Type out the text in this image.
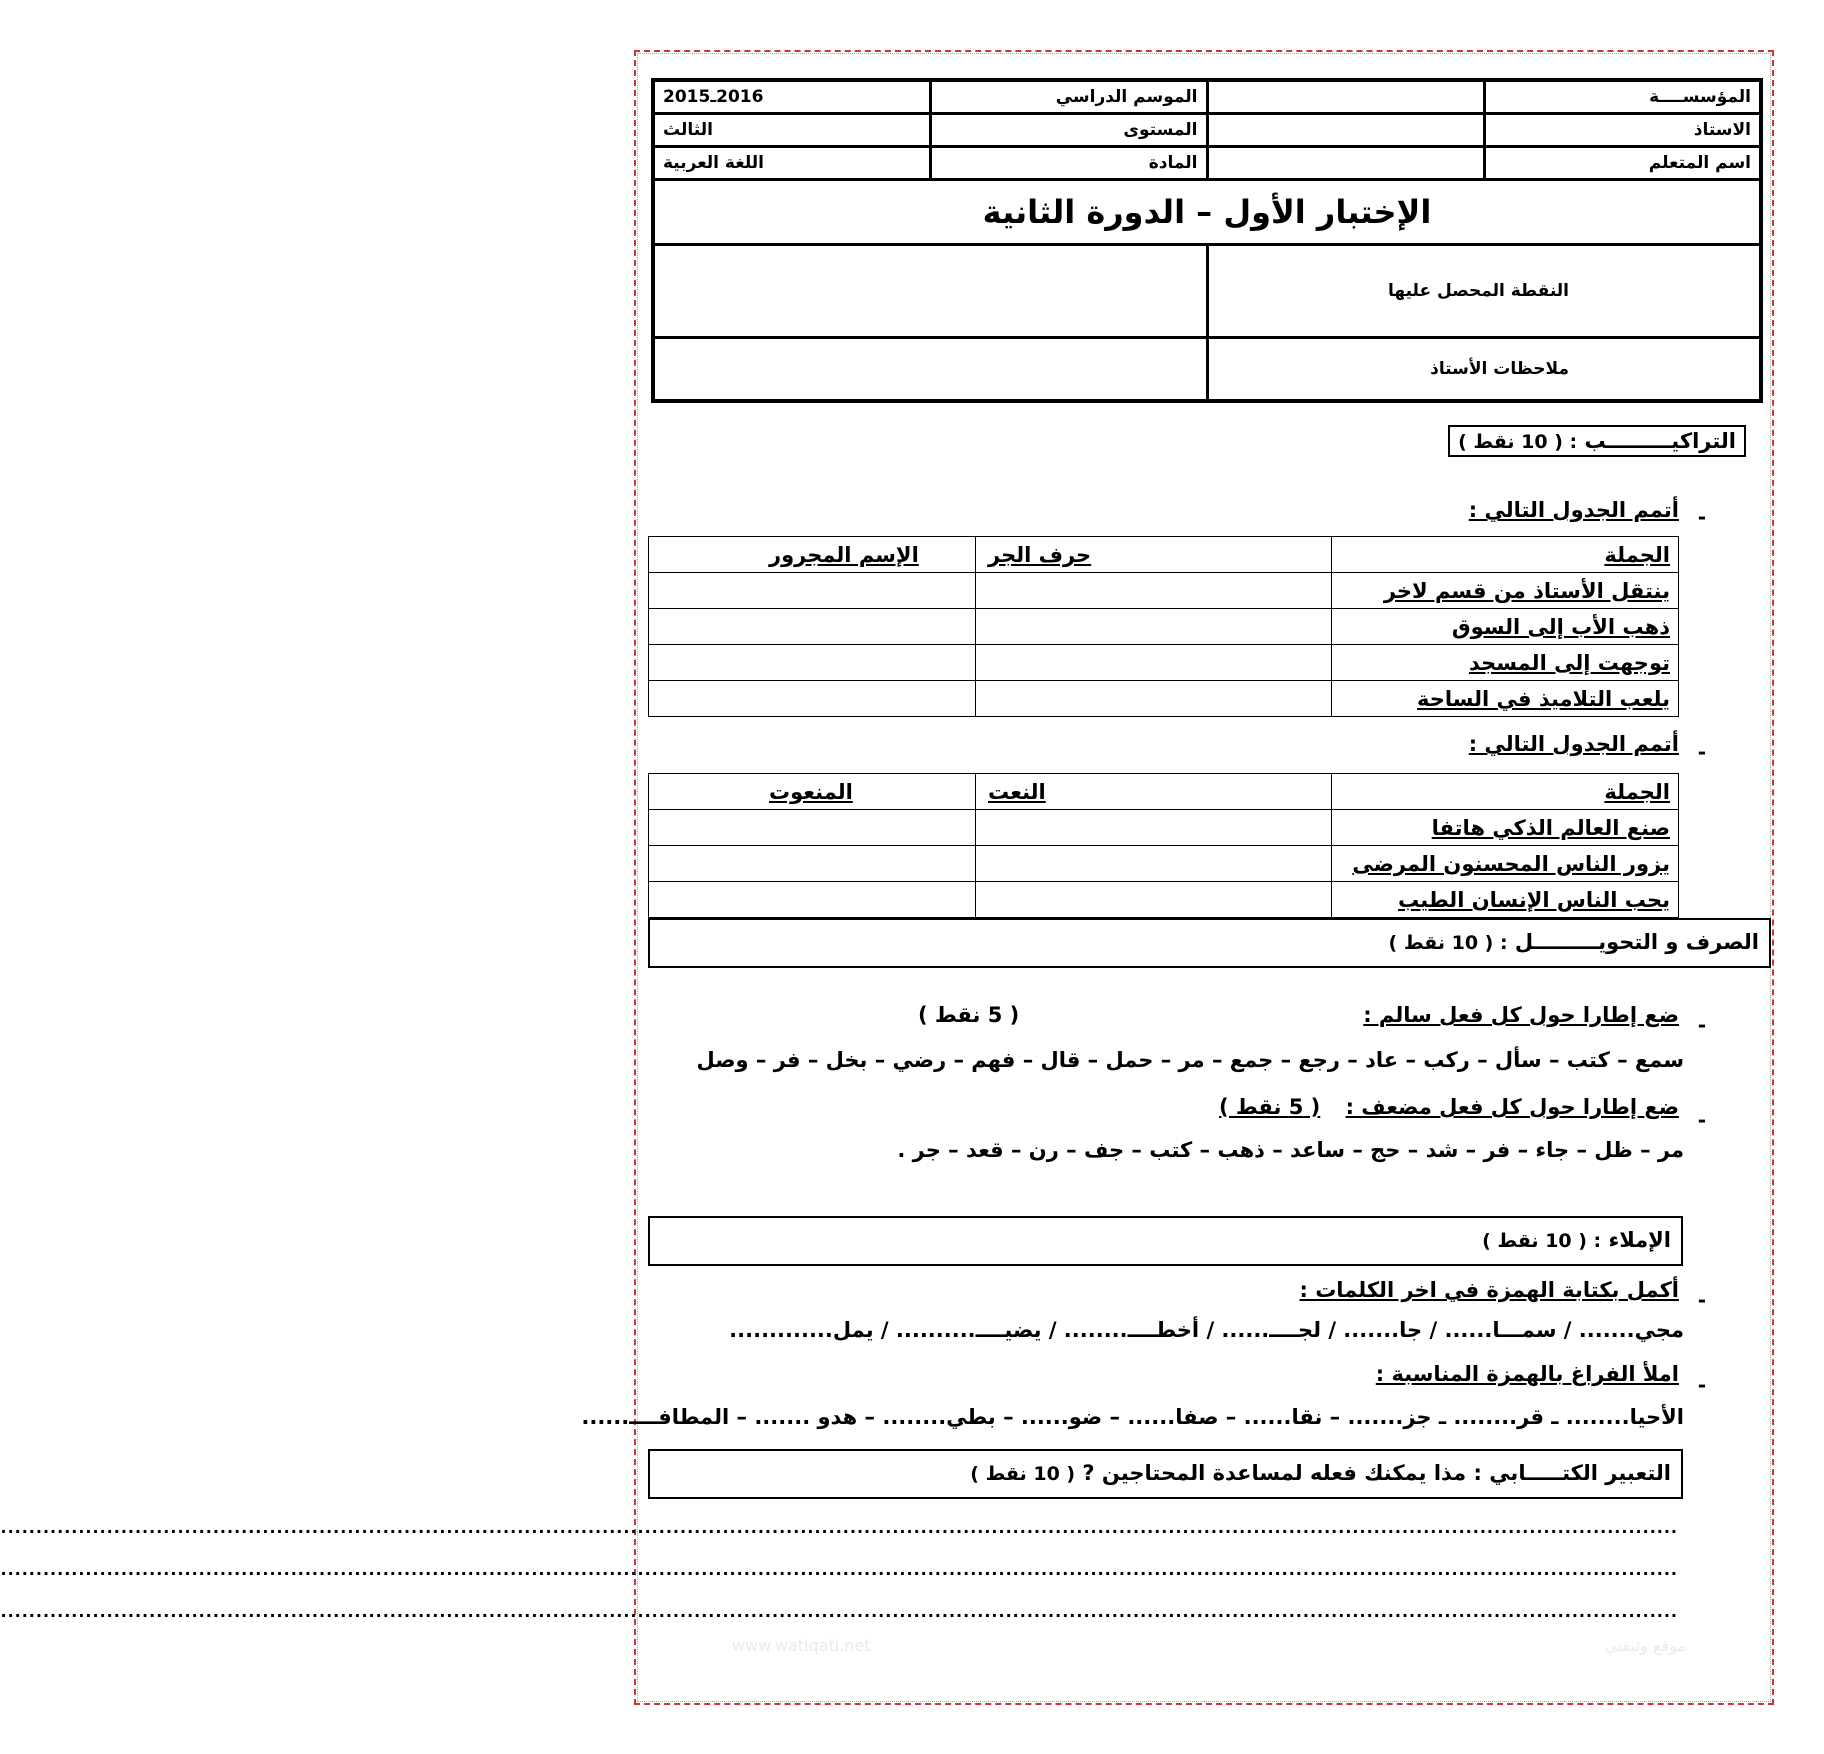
المؤسســــة		الموسم الدراسي	2016ـ2015
الاستاذ		المستوى	الثالث
اسم المتعلم		المادة	اللغة العربية
الإختبار الأول – الدورة الثانية			
النقطة المحصل عليها			
ملاحظات الأستاذ			
التراكيـــــــــب : ( 10 نقط )
-
أتمم الجدول التالي :
الجملة	حرف الجر	الإسم المجرور
ينتقل الأستاذ من قسم لاخر		
ذهب الأب إلى السوق		
توجهت إلى المسجد		
يلعب التلاميذ في الساحة		
-
أتمم الجدول التالي :
الجملة	النعت	المنعوت
صنع العالم الذكي هاتفا		
يزور الناس المحسنون المرضى		
يحب الناس الإنسان الطيب		
الصرف و التحويـــــــــل : ( 10 نقط )
-
ضع إطارا حول كل فعل سالم :
( 5 نقط )
سمع – كتب – سأل – ركب – عاد – رجع – جمع – مر – حمل – قال – فهم – رضي – بخل – فر – وصل
-
ضع إطارا حول كل فعل مضعف :
( 5 نقط )
مر – ظل – جاء – فر – شد – حج – ساعد – ذهب – كتب – جف – رن – قعد – جر .
الإملاء : ( 10 نقط )
-
أكمل بكتابة الهمزة في اخر الكلمات :
مجي....... / سمـــا...... / جا....... / لجــــ...... / أخطــــ........ / يضيــــ.......... / يمل.............
-
املأ الفراغ بالهمزة المناسبة :
الأحيا........ ـ قر........ ـ جز....... – نقا...... – صفا...... – ضو...... – بطي........ – هدو ....... – المطافــــ......
التعبير الكتـــــابي : مذا يمكنك فعله لمساعدة المحتاجين ? ( 10 نقط )
.............................................................................................................................................................................................................................................
.............................................................................................................................................................................................................................................
.............................................................................................................................................................................................................................................
www.watiqati.net	موقع وثيقتي
